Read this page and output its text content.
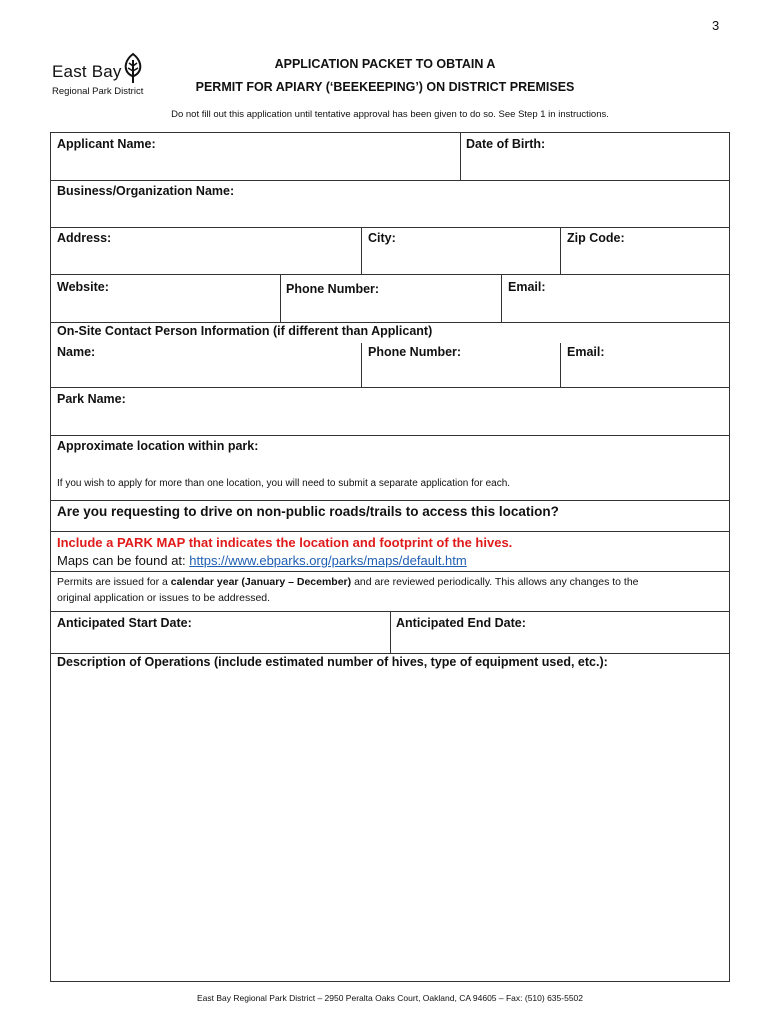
3
East Bay
Regional Park District
APPLICATION PACKET TO OBTAIN A
PERMIT FOR APIARY (‘BEEKEEPING’) ON DISTRICT PREMISES
Do not fill out this application until tentative approval has been given to do so. See Step 1 in instructions.
Applicant Name:	Date of Birth:
Business/Organization Name:
Address:	City:	Zip Code:
Website:	Phone Number:	Email:
On-Site Contact Person Information (if different than Applicant)
Name:	Phone Number:	Email:
Park Name:
Approximate location within park:
If you wish to apply for more than one location, you will need to submit a separate application for each.
Are you requesting to drive on non-public roads/trails to access this location?
Include a PARK MAP that indicates the location and footprint of the hives.
Maps can be found at: https://www.ebparks.org/parks/maps/default.htm
Permits are issued for a calendar year (January – December) and are reviewed periodically. This allows any changes to the
original application or issues to be addressed.
Anticipated Start Date:	Anticipated End Date:
Description of Operations (include estimated number of hives, type of equipment used, etc.):
East Bay Regional Park District – 2950 Peralta Oaks Court, Oakland, CA 94605 – Fax: (510) 635-5502
